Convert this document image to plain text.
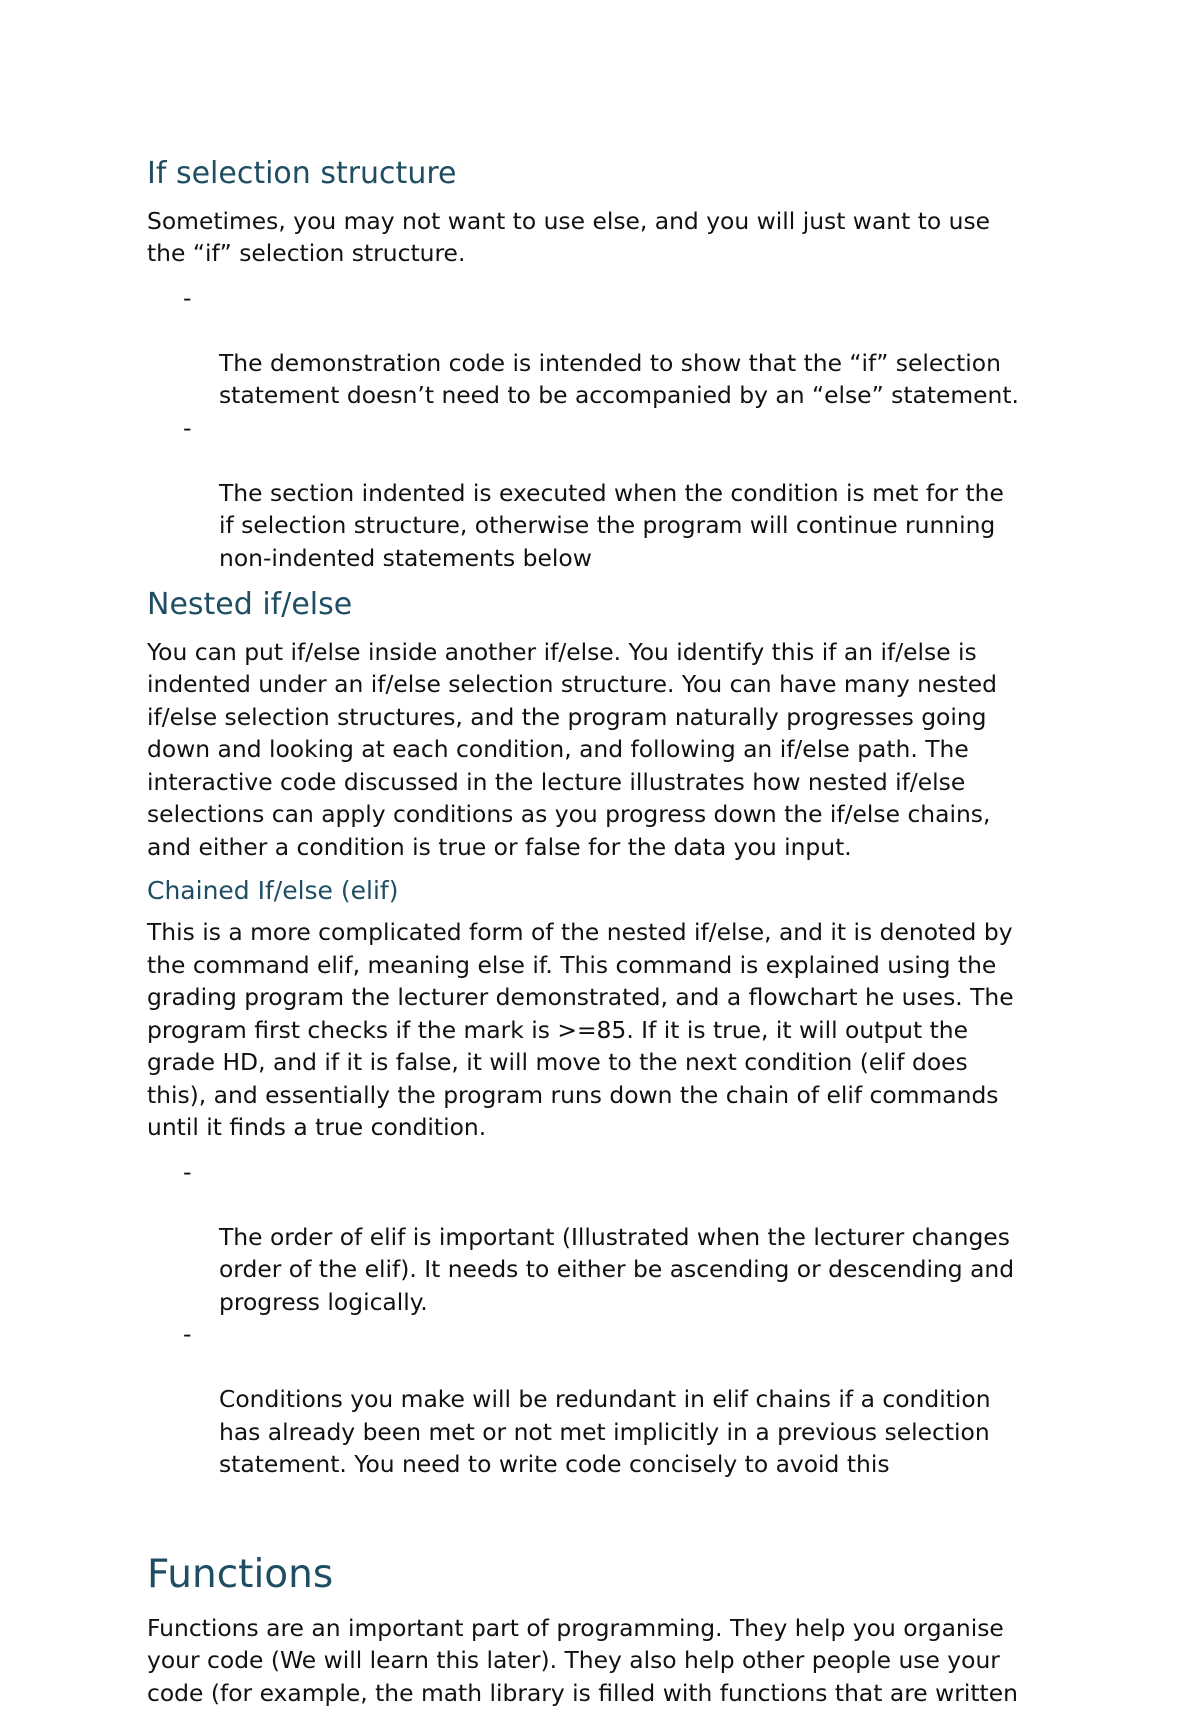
If selection structure

Sometimes, you may not want to use else, and you will just want to use
the “if” selection structure.

-

The demonstration code is intended to show that the “if” selection
statement doesn’t need to be accompanied by an “else” statement.

-

The section indented is executed when the condition is met for the
if selection structure, otherwise the program will continue running
non-indented statements below

Nested if/else

You can put if/else inside another if/else. You identify this if an if/else is
indented under an if/else selection structure. You can have many nested
if/else selection structures, and the program naturally progresses going
down and looking at each condition, and following an if/else path. The
interactive code discussed in the lecture illustrates how nested if/else
selections can apply conditions as you progress down the if/else chains,
and either a condition is true or false for the data you input.

Chained If/else (elif)

This is a more complicated form of the nested if/else, and it is denoted by
the command elif, meaning else if. This command is explained using the
grading program the lecturer demonstrated, and a flowchart he uses. The
program first checks if the mark is >=85. If it is true, it will output the
grade HD, and if it is false, it will move to the next condition (elif does
this), and essentially the program runs down the chain of elif commands
until it finds a true condition.

-

The order of elif is important (Illustrated when the lecturer changes
order of the elif). It needs to either be ascending or descending and
progress logically.

-

Conditions you make will be redundant in elif chains if a condition
has already been met or not met implicitly in a previous selection
statement. You need to write code concisely to avoid this

Functions

Functions are an important part of programming. They help you organise
your code (We will learn this later). They also help other people use your
code (for example, the math library is filled with functions that are written
